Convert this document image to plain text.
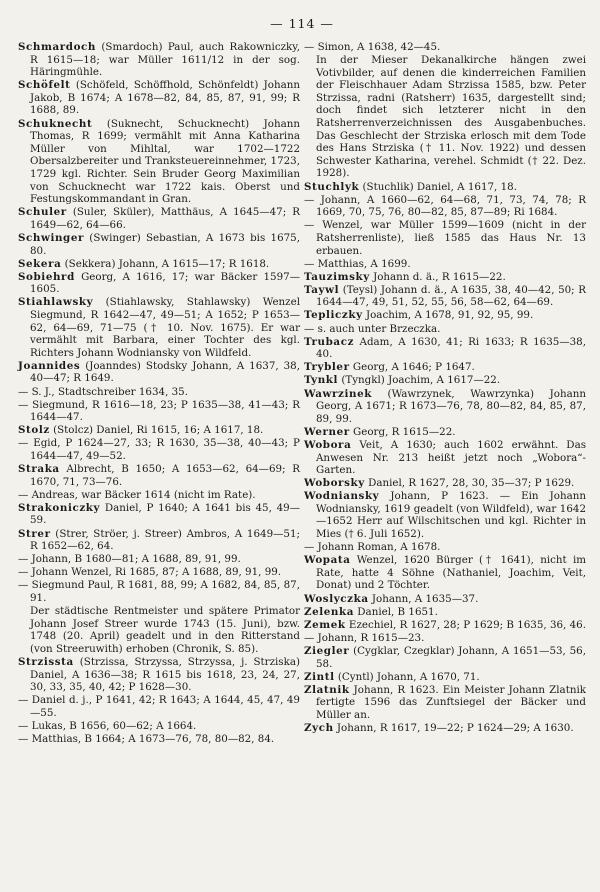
— 114 —
Schmardoch (Smardoch) Paul, auch Rakowniczky, R 1615—18; war Müller 1611/12 in der sog. Häringmühle.
Schöfelt (Schöfeld, Schöffhold, Schönfeldt) Johann Jakob, B 1674; A 1678—82, 84, 85, 87, 91, 99; R 1688, 89.
Schuknecht (Suknecht, Schucknecht) Johann Thomas, R 1699; vermählt mit Anna Katharina Müller von Mihltal, war 1702—1722 Obersalzbereiter und Tranksteuereinnehmer, 1723, 1729 kgl. Richter. Sein Bruder Georg Maximilian von Schucknecht war 1722 kais. Oberst und Festungskommandant in Gran.
Schuler (Suler, Sküler), Matthäus, A 1645—47; R 1649—62, 64—66.
Schwinger (Swinger) Sebastian, A 1673 bis 1675, 80.
Sekera (Sekkera) Johann, A 1615—17; R 1618.
Sobiehrd Georg, A 1616, 17; war Bäcker 1597—1605.
Stiahlawsky (Stiahlawsky, Stahlawsky) Wenzel Siegmund, R 1642—47, 49—51; A 1652; P 1653—62, 64—69, 71—75 († 10. Nov. 1675). Er war vermählt mit Barbara, einer Tochter des kgl. Richters Johann Wodniansky von Wildfeld.
Joannides (Joanndes) Stodsky Johann, A 1637, 38, 40—47; R 1649.
— S. J., Stadtschreiber 1634, 35.
— Siegmund, R 1616—18, 23; P 1635—38, 41—43; R 1644—47.
Stolz (Stolcz) Daniel, Ri 1615, 16; A 1617, 18.
— Egid, P 1624—27, 33; R 1630, 35—38, 40—43; P 1644—47, 49—52.
Straka Albrecht, B 1650; A 1653—62, 64—69; R 1670, 71, 73—76.
— Andreas, war Bäcker 1614 (nicht im Rate).
Strakoniczky Daniel, P 1640; A 1641 bis 45, 49—59.
Strer (Strer, Ströer, j. Streer) Ambros, A 1649—51; R 1652—62, 64.
— Johann, B 1680—81; A 1688, 89, 91, 99.
— Johann Wenzel, Ri 1685, 87; A 1688, 89, 91, 99.
— Siegmund Paul, R 1681, 88, 99; A 1682, 84, 85, 87, 91.
Der städtische Rentmeister und spätere Primator Johann Josef Streer wurde 1743 (15. Juni), bzw. 1748 (20. April) geadelt und in den Ritterstand (von Streeruwith) erhoben (Chronik, S. 85).
Strzissta (Strzissa, Strzyssa, Strzyssa, j. Strziska) Daniel, A 1636—38; R 1615 bis 1618, 23, 24, 27, 30, 33, 35, 40, 42; P 1628—30.
— Daniel d. j., P 1641, 42; R 1643; A 1644, 45, 47, 49—55.
— Lukas, B 1656, 60—62; A 1664.
— Matthias, B 1664; A 1673—76, 78, 80—82, 84.
— Simon, A 1638, 42—45.
In der Mieser Dekanalkirche hängen zwei Votivbilder, auf denen die kinderreichen Familien der Fleischhauer Adam Strzissa 1585, bzw. Peter Strzissa, radni (Ratsherr) 1635, dargestellt sind; doch findet sich letzterer nicht in den Ratsherrenverzeichnissen des Ausgabenbuches. Das Geschlecht der Strziska erlosch mit dem Tode des Hans Strziska († 11. Nov. 1922) und dessen Schwester Katharina, verehel. Schmidt († 22. Dez. 1928).
Stuchlyk (Stuchlik) Daniel, A 1617, 18.
— Johann, A 1660—62, 64—68, 71, 73, 74, 78; R 1669, 70, 75, 76, 80—82, 85, 87—89; Ri 1684.
— Wenzel, war Müller 1599—1609 (nicht in der Ratsherrenliste), ließ 1585 das Haus Nr. 13 erbauen.
— Matthias, A 1699.
Tauzimsky Johann d. ä., R 1615—22.
Taywl (Teysl) Johann d. ä., A 1635, 38, 40—42, 50; R 1644—47, 49, 51, 52, 55, 56, 58—62, 64—69.
Tepliczky Joachim, A 1678, 91, 92, 95, 99.
— s. auch unter Brzeczka.
Trubacz Adam, A 1630, 41; Ri 1633; R 1635—38, 40.
Trybler Georg, A 1646; P 1647.
Tynkl (Tyngkl) Joachim, A 1617—22.
Wawrzinek (Wawrzynek, Wawrzynka) Johann Georg, A 1671; R 1673—76, 78, 80—82, 84, 85, 87, 89, 99.
Werner Georg, R 1615—22.
Wobora Veit, A 1630; auch 1602 erwähnt. Das Anwesen Nr. 213 heißt jetzt noch „Wobora“-Garten.
Woborsky Daniel, R 1627, 28, 30, 35—37; P 1629.
Wodniansky Johann, P 1623. — Ein Johann Wodniansky, 1619 geadelt (von Wildfeld), war 1642—1652 Herr auf Wilschitschen und kgl. Richter in Mies († 6. Juli 1652).
— Johann Roman, A 1678.
Wopata Wenzel, 1620 Bürger († 1641), nicht im Rate, hatte 4 Söhne (Nathaniel, Joachim, Veit, Donat) und 2 Töchter.
Woslyczka Johann, A 1635—37.
Zelenka Daniel, B 1651.
Zemek Ezechiel, R 1627, 28; P 1629; B 1635, 36, 46.
— Johann, R 1615—23.
Ziegler (Cygklar, Czegklar) Johann, A 1651—53, 56, 58.
Zintl (Cyntl) Johann, A 1670, 71.
Zlatnik Johann, R 1623. Ein Meister Johann Zlatnik fertigte 1596 das Zunftsiegel der Bäcker und Müller an.
Zych Johann, R 1617, 19—22; P 1624—29; A 1630.
